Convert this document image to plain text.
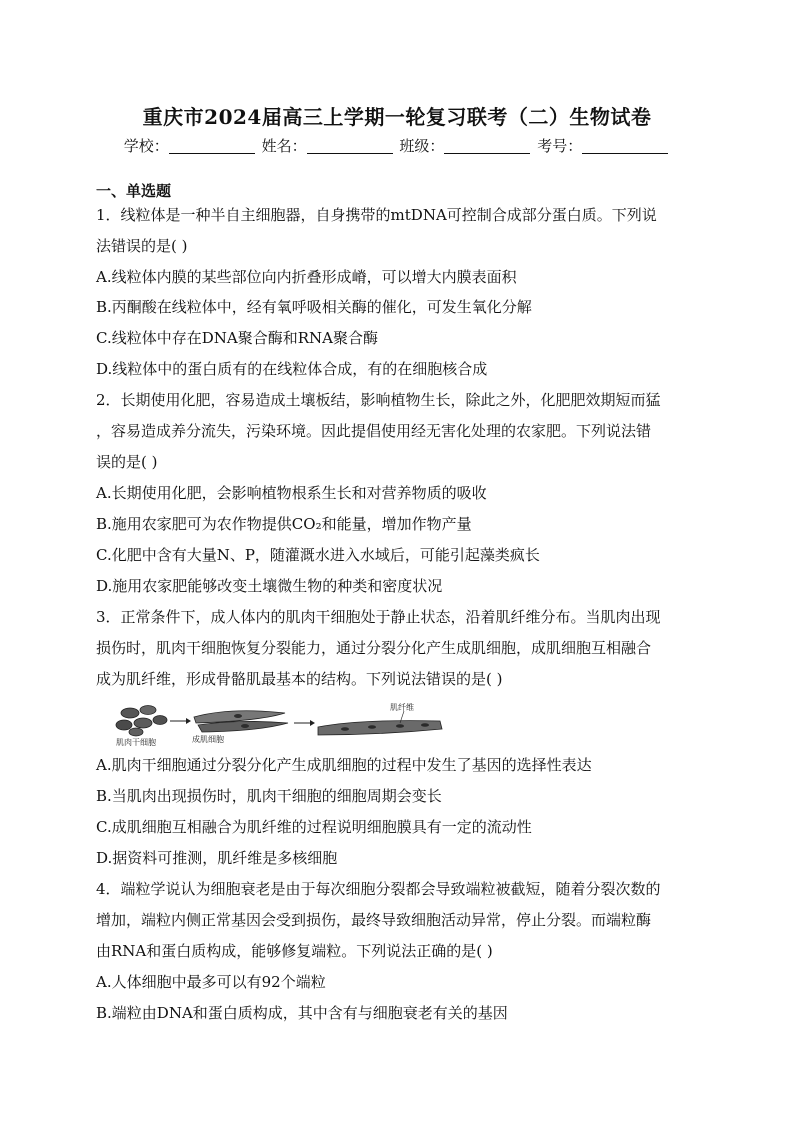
重庆市2024届高三上学期一轮复习联考（二）生物试卷
学校：	姓名：	班级：	考号：
一、单选题
1．线粒体是一种半自主细胞器，自身携带的mtDNA可控制合成部分蛋白质。下列说
法错误的是( )
A.线粒体内膜的某些部位向内折叠形成嵴，可以增大内膜表面积
B.丙酮酸在线粒体中，经有氧呼吸相关酶的催化，可发生氧化分解
C.线粒体中存在DNA聚合酶和RNA聚合酶
D.线粒体中的蛋白质有的在线粒体合成，有的在细胞核合成
2．长期使用化肥，容易造成土壤板结，影响植物生长，除此之外，化肥肥效期短而猛
，容易造成养分流失，污染环境。因此提倡使用经无害化处理的农家肥。下列说法错
误的是( )
A.长期使用化肥，会影响植物根系生长和对营养物质的吸收
B.施用农家肥可为农作物提供CO₂和能量，增加作物产量
C.化肥中含有大量N、P，随灌溉水进入水域后，可能引起藻类疯长
D.施用农家肥能够改变土壤微生物的种类和密度状况
3．正常条件下，成人体内的肌肉干细胞处于静止状态，沿着肌纤维分布。当肌肉出现
损伤时，肌肉干细胞恢复分裂能力，通过分裂分化产生成肌细胞，成肌细胞互相融合
成为肌纤维，形成骨骼肌最基本的结构。下列说法错误的是( )
肌肉干细胞	成肌细胞
肌纤维
A.肌肉干细胞通过分裂分化产生成肌细胞的过程中发生了基因的选择性表达
B.当肌肉出现损伤时，肌肉干细胞的细胞周期会变长
C.成肌细胞互相融合为肌纤维的过程说明细胞膜具有一定的流动性
D.据资料可推测，肌纤维是多核细胞
4．端粒学说认为细胞衰老是由于每次细胞分裂都会导致端粒被截短，随着分裂次数的
增加，端粒内侧正常基因会受到损伤，最终导致细胞活动异常，停止分裂。而端粒酶
由RNA和蛋白质构成，能够修复端粒。下列说法正确的是( )
A.人体细胞中最多可以有92个端粒
B.端粒由DNA和蛋白质构成，其中含有与细胞衰老有关的基因
